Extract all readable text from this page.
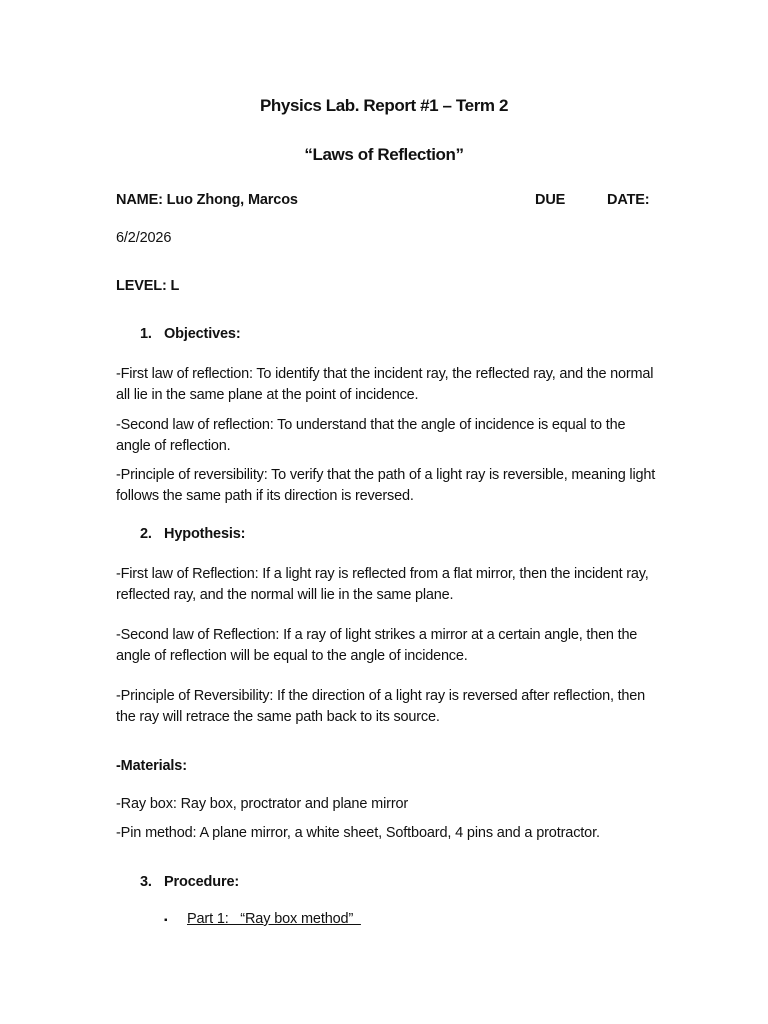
Physics Lab. Report #1 – Term 2
“Laws of Reflection”
NAME: Luo Zhong, Marcos	DUE	DATE:
6/2/2026
LEVEL: L
1. Objectives:
-First law of reflection: To identify that the incident ray, the reflected ray, and the normal all lie in the same plane at the point of incidence.
-Second law of reflection: To understand that the angle of incidence is equal to the angle of reflection.
-Principle of reversibility: To verify that the path of a light ray is reversible, meaning light follows the same path if its direction is reversed.
2. Hypothesis:
-First law of Reflection: If a light ray is reflected from a flat mirror, then the incident ray, reflected ray, and the normal will lie in the same plane.
-Second law of Reflection: If a ray of light strikes a mirror at a certain angle, then the angle of reflection will be equal to the angle of incidence.
-Principle of Reversibility: If the direction of a light ray is reversed after reflection, then the ray will retrace the same path back to its source.
-Materials:
-Ray box: Ray box, proctrator and plane mirror
-Pin method: A plane mirror, a white sheet, Softboard, 4 pins and a protractor.
3. Procedure:
▪ Part 1:   “Ray box method”
